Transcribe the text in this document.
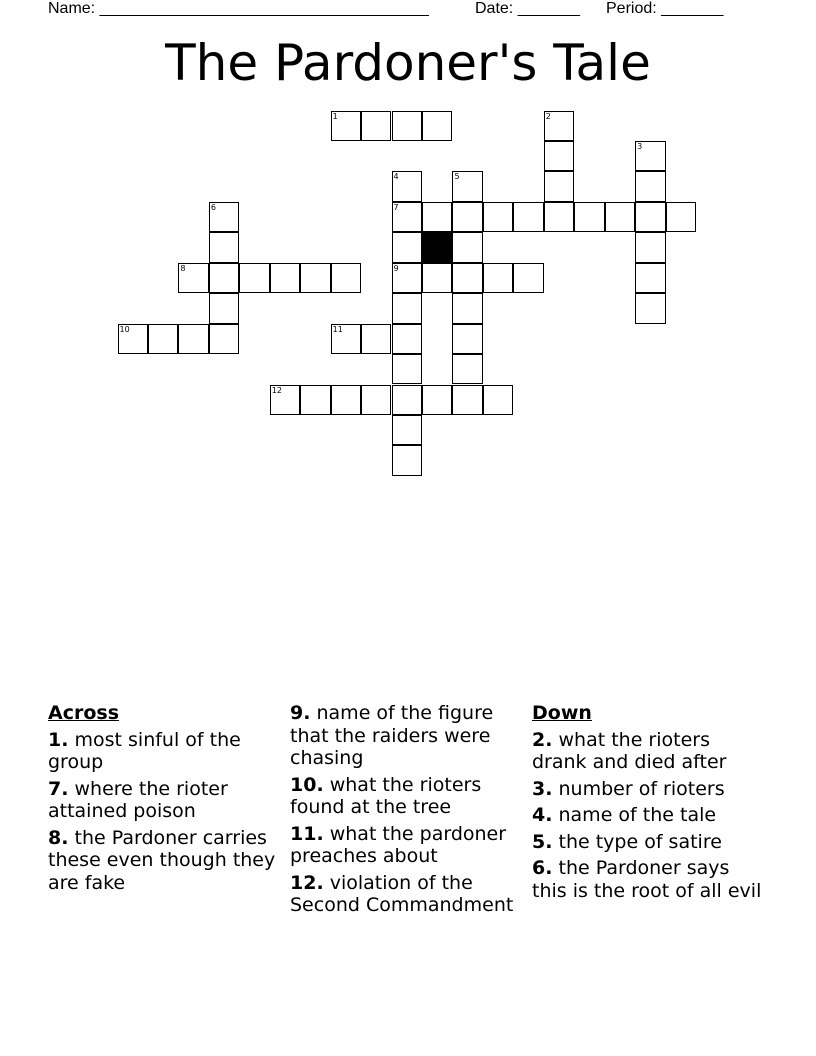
Name: _____________________________________	Date: _______ Period: _______
The Pardoner's Tale
1	2
3
4
7
9
5
6
8
10	11
12
Across
1. most sinful of the group
7. where the rioter attained poison
8. the Pardoner carries these even though they are fake
9. name of the figure that the raiders were chasing
10. what the rioters found at the tree
11. what the pardoner preaches about
12. violation of the Second Commandment
Down
2. what the rioters drank and died after
3. number of rioters
4. name of the tale
5. the type of satire
6. the Pardoner says this is the root of all evil
